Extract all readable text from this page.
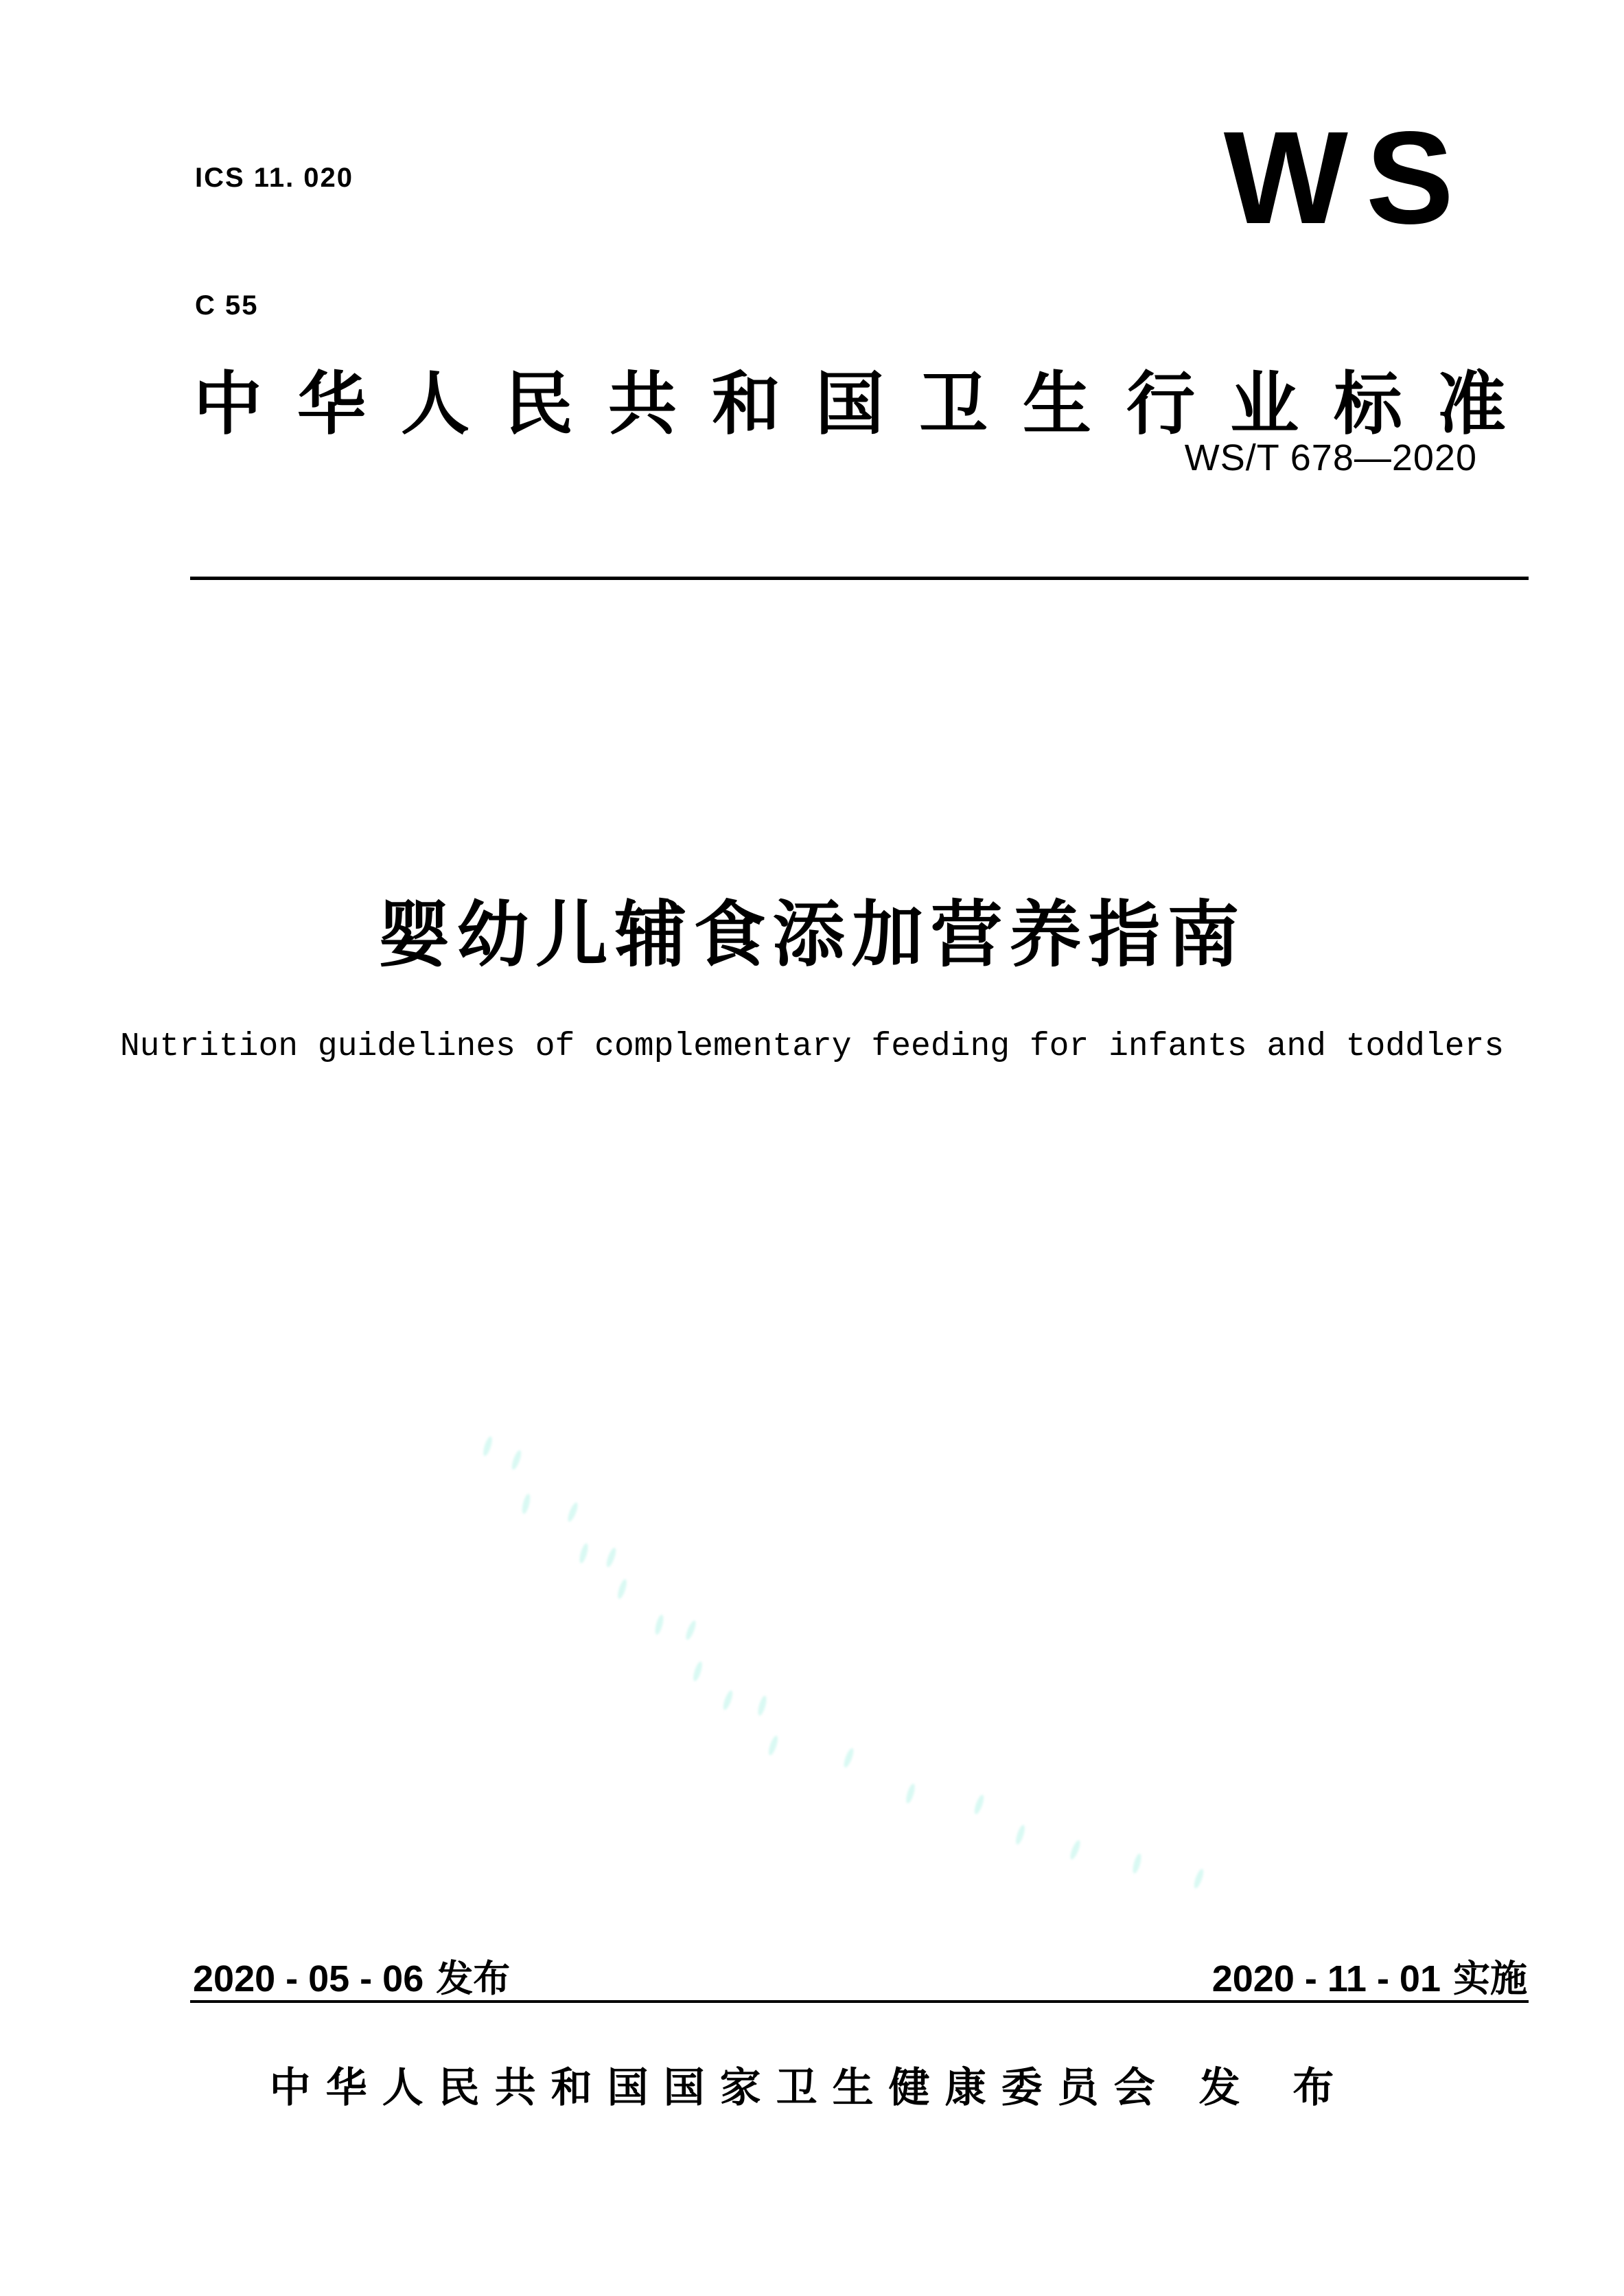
ICS 11. 020

C 55

WS
中华人民共和国卫生行业标准
WS/T 678—2020
婴幼儿辅食添加营养指南
Nutrition guidelines of complementary feeding for infants and toddlers
2020 - 05 - 06 发布	2020 - 11 - 01 实施
中华人民共和国国家卫生健康委员会 发 布
